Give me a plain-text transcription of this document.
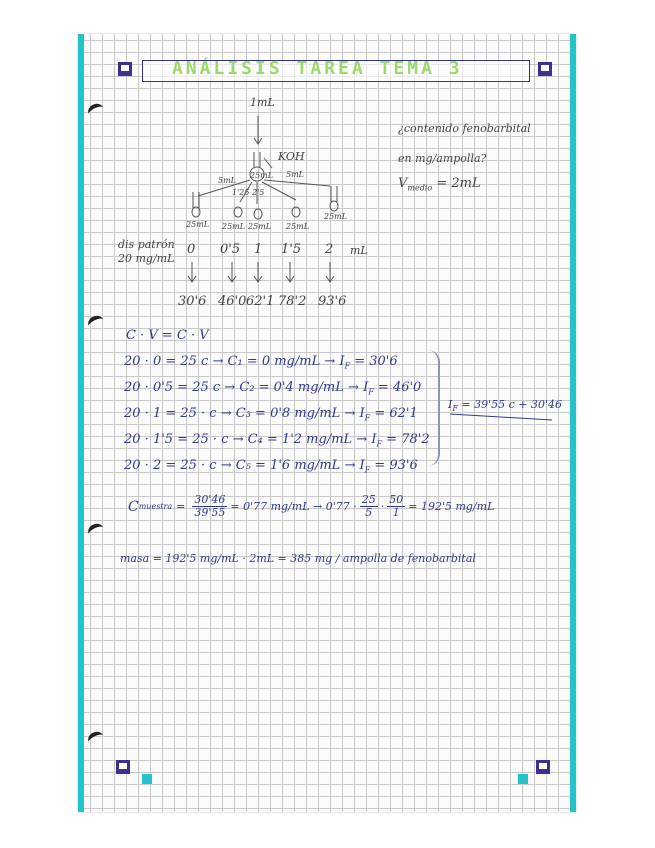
ANÁLISIS TAREA TEMA 3
¿contenido fenobarbital
en mg/ampolla?
$V_{medio} = 2mL$
1mL
KOH
25mL
5mL
1'25 2'5
5mL
25mL 25mL 25mL 25mL
25mL
dis patrón
20 mg/mL
0 0'5 1 1'5 2 mL
30'6 46'0 62'1 78'2 93'6
C · V = C · V
20 · 0 = 25 c → C₁ = 0 $mg/mL \to I_F = 30'6$
20 · 0'5 = 25 c → C₂ = 0'4 $mg/mL \to I_F = 46'0$
20 · 1 = 25 · c → C₃ = 0'8 $mg/mL \to I_F = 62'1$
20 · 1'5 = 25 · c → C₄ = 1'2 $mg/mL \to I_F = 78'2$
20 · 2 = 25 · c → C₅ = 1'6 $mg/mL \to I_F = 93'6$
$I_F = 39'55$ c + 30'46
C muestra = $\frac{30'46}{39'55} = 0'77$ $mg/mL \to 0'77 \cdot \frac{25}{5} \cdot \frac{50}{1} = 192'5$ mg/mL
masa = 192'5 mg/mL · 2mL = 385 mg / ampolla de fenobarbital
